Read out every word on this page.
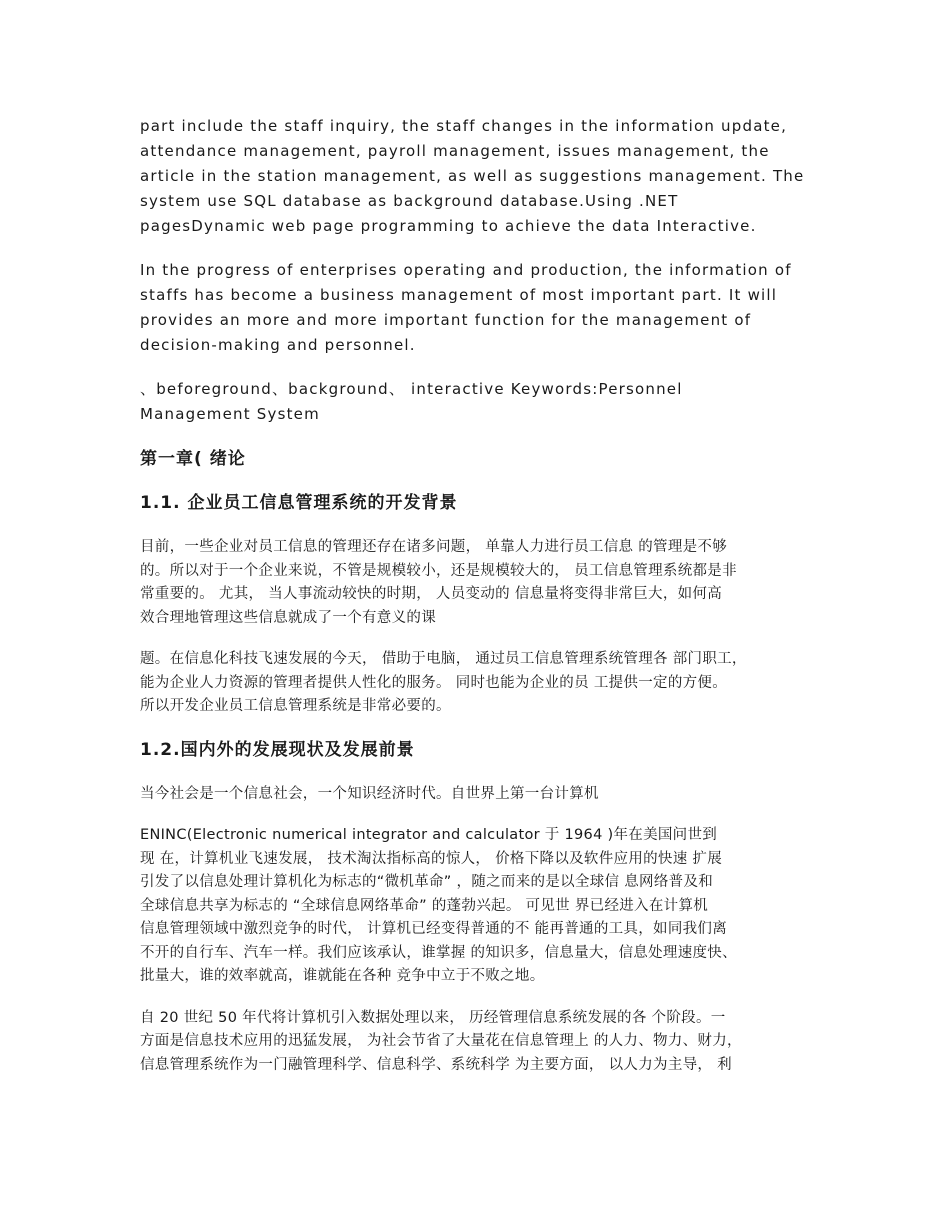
part include the staff inquiry, the staff changes in the information update,
attendance management, payroll management, issues management, the
article in the station management, as well as suggestions management. The
system use SQL database as background database.Using .NET
pagesDynamic web page programming to achieve the data Interactive.

In the progress of enterprises operating and production, the information of
staffs has become a business management of most important part. It will
provides an more and more important function for the management of
decision-making and personnel.

、beforeground、background、 interactive Keywords:Personnel
Management System

第一章( 绪论
1.1. 企业员工信息管理系统的开发背景

目前，一些企业对员工信息的管理还存在诸多问题， 单靠人力进行员工信息 的管理是不够
的。所以对于一个企业来说，不管是规模较小，还是规模较大的， 员工信息管理系统都是非
常重要的。 尤其， 当人事流动较快的时期， 人员变动的 信息量将变得非常巨大，如何高
效合理地管理这些信息就成了一个有意义的课

题。在信息化科技飞速发展的今天， 借助于电脑， 通过员工信息管理系统管理各 部门职工，
能为企业人力资源的管理者提供人性化的服务。 同时也能为企业的员 工提供一定的方便。
所以开发企业员工信息管理系统是非常必要的。

1.2.国内外的发展现状及发展前景

当今社会是一个信息社会，一个知识经济时代。自世界上第一台计算机

ENINC(Electronic numerical integrator and calculator 于 1964 )年在美国问世到
现 在，计算机业飞速发展， 技术淘汰指标高的惊人， 价格下降以及软件应用的快速 扩展
引发了以信息处理计算机化为标志的“微机革命” ，随之而来的是以全球信 息网络普及和
全球信息共享为标志的 “全球信息网络革命” 的蓬勃兴起。 可见世 界已经进入在计算机
信息管理领域中激烈竞争的时代， 计算机已经变得普通的不 能再普通的工具，如同我们离
不开的自行车、汽车一样。我们应该承认，谁掌握 的知识多，信息量大，信息处理速度快、
批量大，谁的效率就高，谁就能在各种 竞争中立于不败之地。

自 20 世纪 50 年代将计算机引入数据处理以来， 历经管理信息系统发展的各 个阶段。一
方面是信息技术应用的迅猛发展， 为社会节省了大量花在信息管理上 的人力、物力、财力，
信息管理系统作为一门融管理科学、信息科学、系统科学 为主要方面， 以人力为主导， 利
